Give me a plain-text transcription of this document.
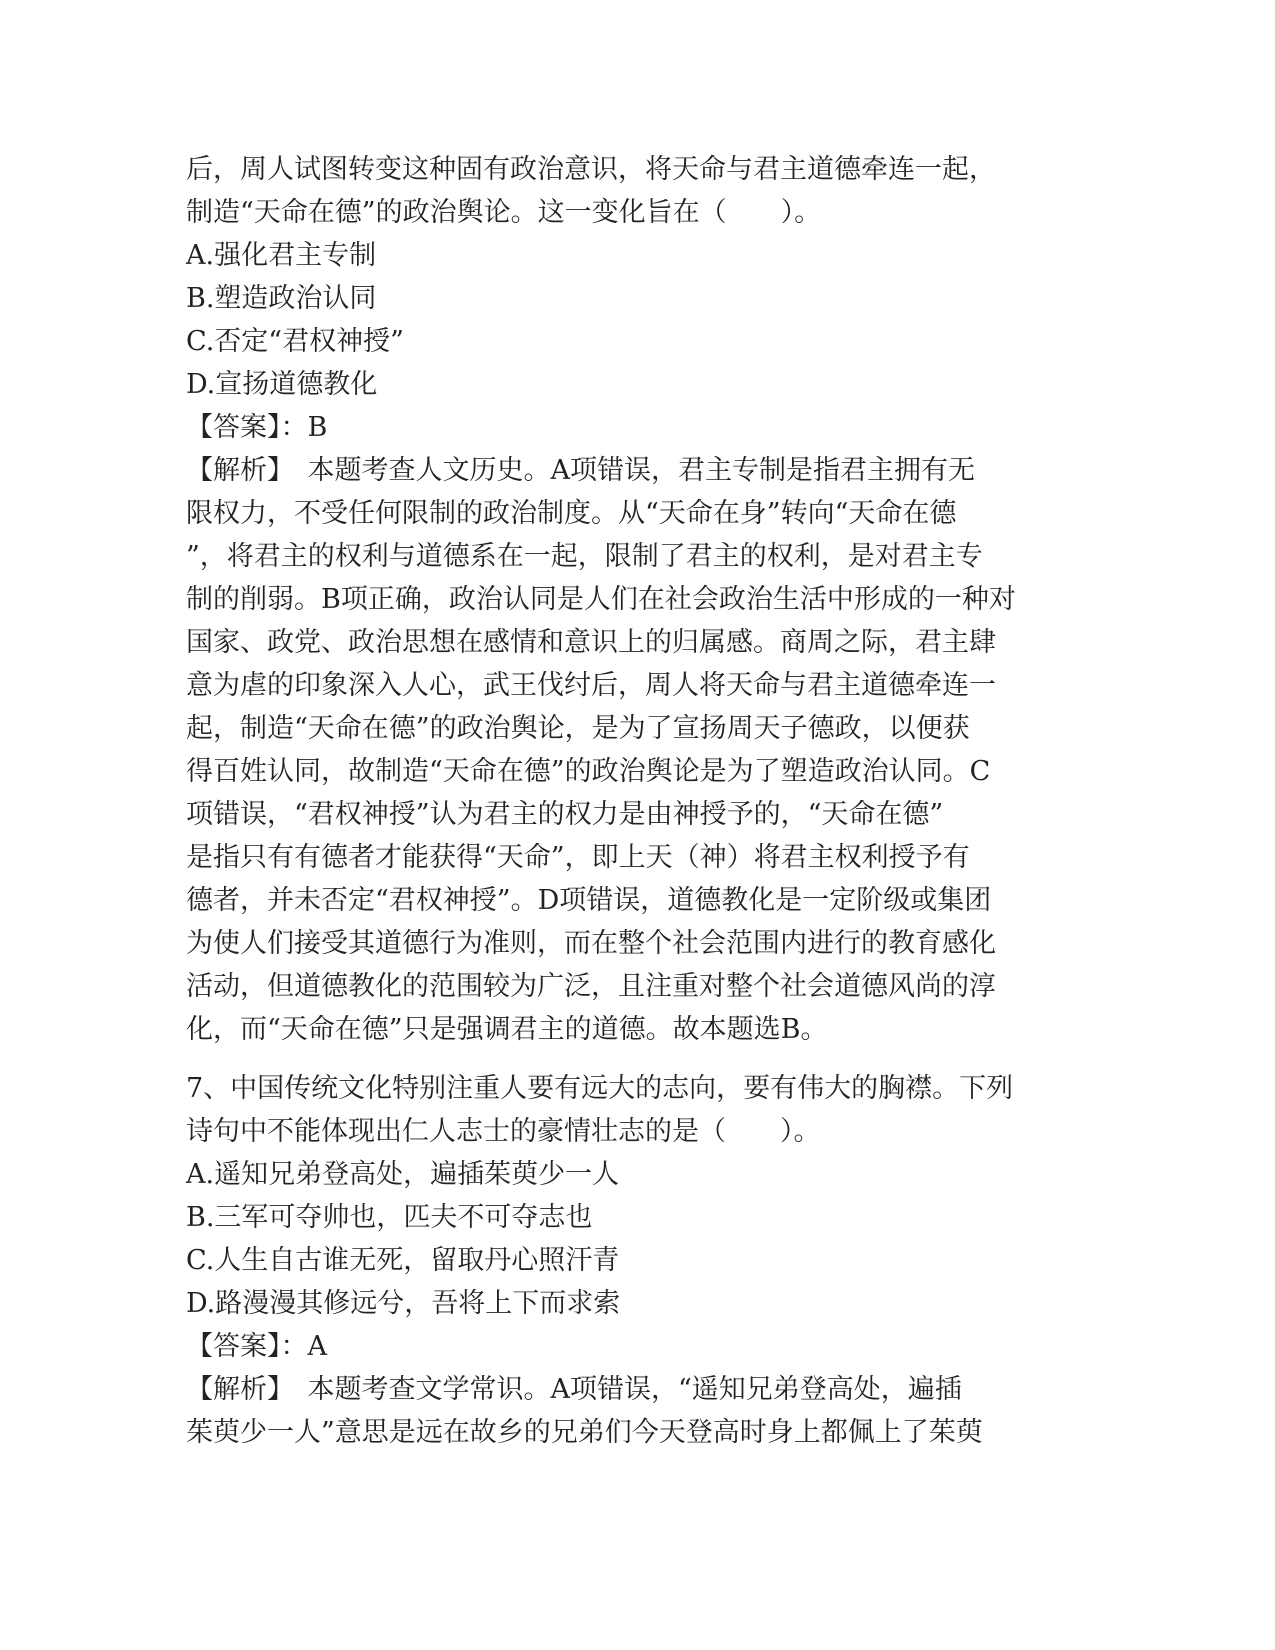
后，周人试图转变这种固有政治意识，将天命与君主道德牵连一起，
制造“天命在德”的政治舆论。这一变化旨在（　　）。
A.强化君主专制
B.塑造政治认同
C.否定“君权神授”
D.宣扬道德教化
【答案】：B
【解析】　本题考查人文历史。A项错误，君主专制是指君主拥有无
限权力，不受任何限制的政治制度。从“天命在身”转向“天命在德
”，将君主的权利与道德系在一起，限制了君主的权利，是对君主专
制的削弱。B项正确，政治认同是人们在社会政治生活中形成的一种对
国家、政党、政治思想在感情和意识上的归属感。商周之际，君主肆
意为虐的印象深入人心，武王伐纣后，周人将天命与君主道德牵连一
起，制造“天命在德”的政治舆论，是为了宣扬周天子德政，以便获
得百姓认同，故制造“天命在德”的政治舆论是为了塑造政治认同。C
项错误，“君权神授”认为君主的权力是由神授予的，“天命在德”
是指只有有德者才能获得“天命”，即上天（神）将君主权利授予有
德者，并未否定“君权神授”。D项错误，道德教化是一定阶级或集团
为使人们接受其道德行为准则，而在整个社会范围内进行的教育感化
活动，但道德教化的范围较为广泛，且注重对整个社会道德风尚的淳
化，而“天命在德”只是强调君主的道德。故本题选B。
7、中国传统文化特别注重人要有远大的志向，要有伟大的胸襟。下列
诗句中不能体现出仁人志士的豪情壮志的是（　　）。
A.遥知兄弟登高处，遍插茱萸少一人
B.三军可夺帅也，匹夫不可夺志也
C.人生自古谁无死，留取丹心照汗青
D.路漫漫其修远兮，吾将上下而求索
【答案】：A
【解析】　本题考查文学常识。A项错误，“遥知兄弟登高处，遍插
茱萸少一人”意思是远在故乡的兄弟们今天登高时身上都佩上了茱萸
